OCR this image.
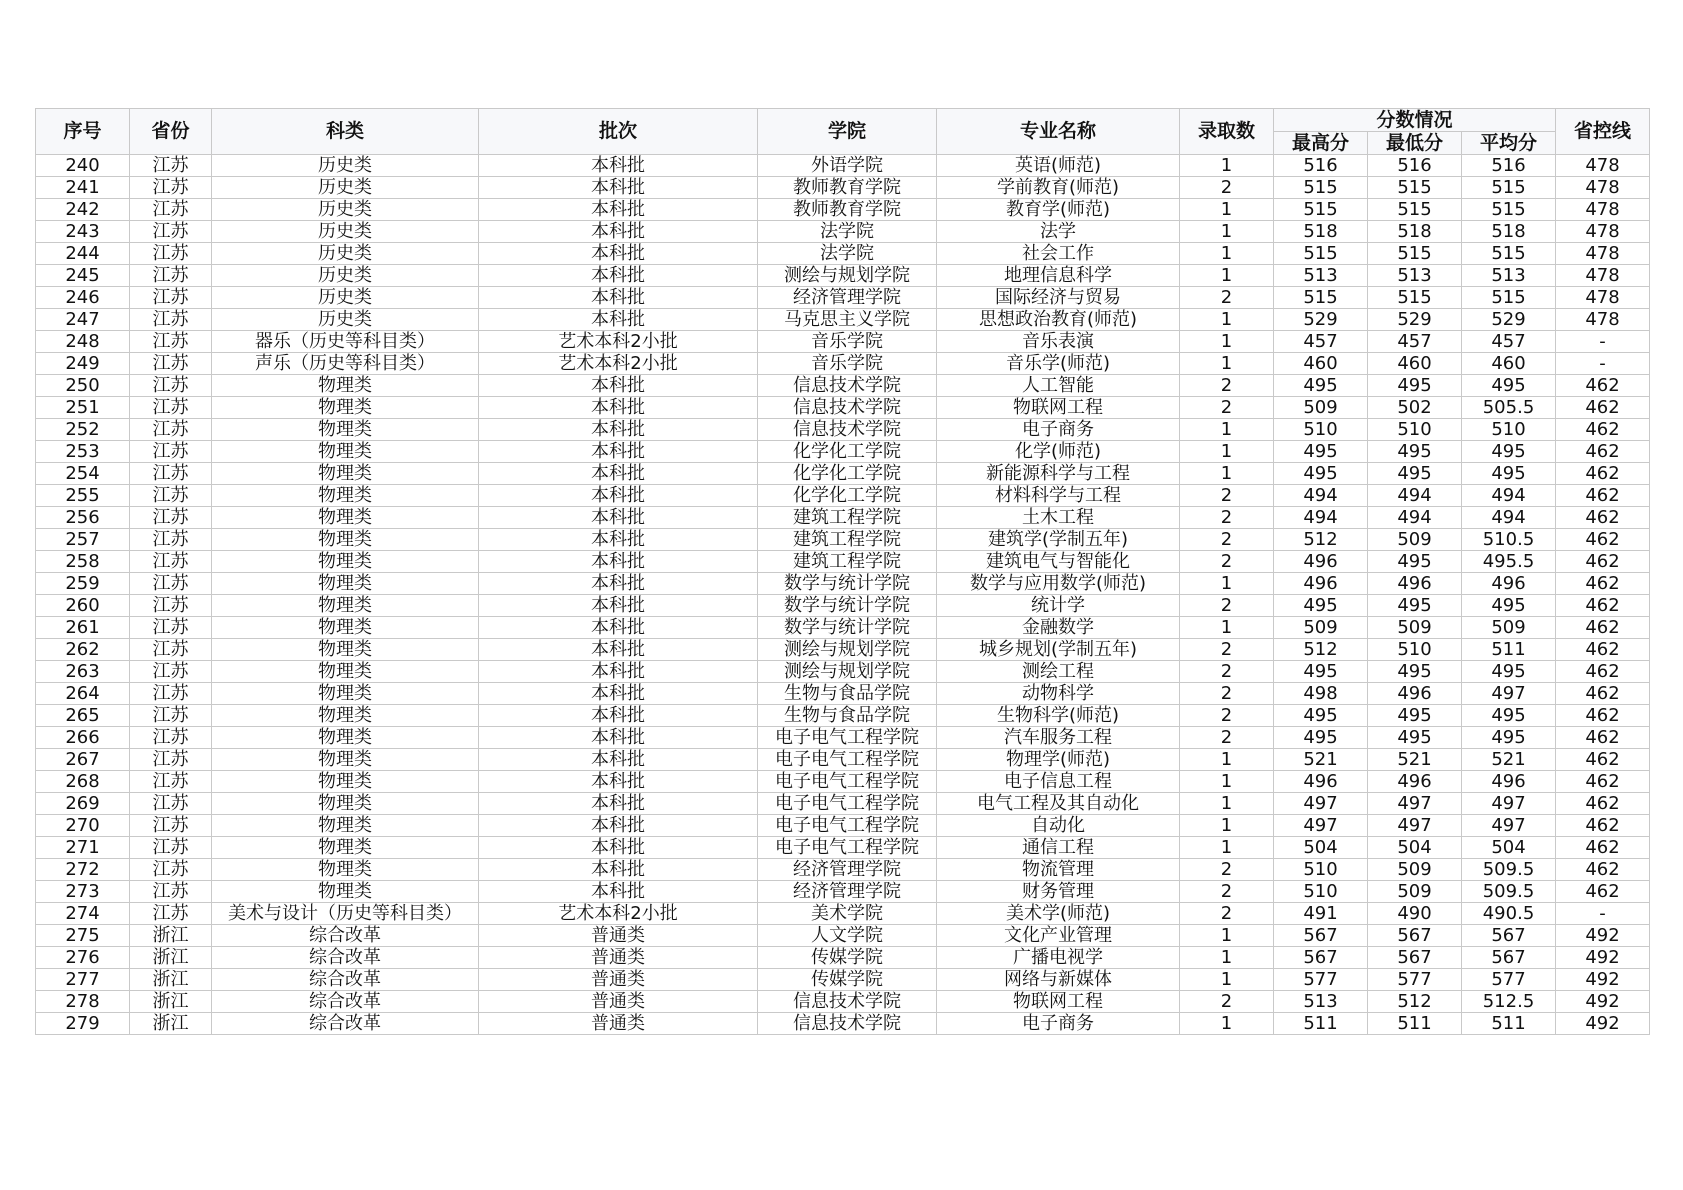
序号	省份	科类	批次	学院	专业名称	录取数	分数情况			省控线
							最高分	最低分	平均分	
240	江苏	历史类	本科批	外语学院	英语(师范)	1	516	516	516	478
241	江苏	历史类	本科批	教师教育学院	学前教育(师范)	2	515	515	515	478
242	江苏	历史类	本科批	教师教育学院	教育学(师范)	1	515	515	515	478
243	江苏	历史类	本科批	法学院	法学	1	518	518	518	478
244	江苏	历史类	本科批	法学院	社会工作	1	515	515	515	478
245	江苏	历史类	本科批	测绘与规划学院	地理信息科学	1	513	513	513	478
246	江苏	历史类	本科批	经济管理学院	国际经济与贸易	2	515	515	515	478
247	江苏	历史类	本科批	马克思主义学院	思想政治教育(师范)	1	529	529	529	478
248	江苏	器乐（历史等科目类）	艺术本科2小批	音乐学院	音乐表演	1	457	457	457	-
249	江苏	声乐（历史等科目类）	艺术本科2小批	音乐学院	音乐学(师范)	1	460	460	460	-
250	江苏	物理类	本科批	信息技术学院	人工智能	2	495	495	495	462
251	江苏	物理类	本科批	信息技术学院	物联网工程	2	509	502	505.5	462
252	江苏	物理类	本科批	信息技术学院	电子商务	1	510	510	510	462
253	江苏	物理类	本科批	化学化工学院	化学(师范)	1	495	495	495	462
254	江苏	物理类	本科批	化学化工学院	新能源科学与工程	1	495	495	495	462
255	江苏	物理类	本科批	化学化工学院	材料科学与工程	2	494	494	494	462
256	江苏	物理类	本科批	建筑工程学院	土木工程	2	494	494	494	462
257	江苏	物理类	本科批	建筑工程学院	建筑学(学制五年)	2	512	509	510.5	462
258	江苏	物理类	本科批	建筑工程学院	建筑电气与智能化	2	496	495	495.5	462
259	江苏	物理类	本科批	数学与统计学院	数学与应用数学(师范)	1	496	496	496	462
260	江苏	物理类	本科批	数学与统计学院	统计学	2	495	495	495	462
261	江苏	物理类	本科批	数学与统计学院	金融数学	1	509	509	509	462
262	江苏	物理类	本科批	测绘与规划学院	城乡规划(学制五年)	2	512	510	511	462
263	江苏	物理类	本科批	测绘与规划学院	测绘工程	2	495	495	495	462
264	江苏	物理类	本科批	生物与食品学院	动物科学	2	498	496	497	462
265	江苏	物理类	本科批	生物与食品学院	生物科学(师范)	2	495	495	495	462
266	江苏	物理类	本科批	电子电气工程学院	汽车服务工程	2	495	495	495	462
267	江苏	物理类	本科批	电子电气工程学院	物理学(师范)	1	521	521	521	462
268	江苏	物理类	本科批	电子电气工程学院	电子信息工程	1	496	496	496	462
269	江苏	物理类	本科批	电子电气工程学院	电气工程及其自动化	1	497	497	497	462
270	江苏	物理类	本科批	电子电气工程学院	自动化	1	497	497	497	462
271	江苏	物理类	本科批	电子电气工程学院	通信工程	1	504	504	504	462
272	江苏	物理类	本科批	经济管理学院	物流管理	2	510	509	509.5	462
273	江苏	物理类	本科批	经济管理学院	财务管理	2	510	509	509.5	462
274	江苏	美术与设计（历史等科目类）	艺术本科2小批	美术学院	美术学(师范)	2	491	490	490.5	-
275	浙江	综合改革	普通类	人文学院	文化产业管理	1	567	567	567	492
276	浙江	综合改革	普通类	传媒学院	广播电视学	1	567	567	567	492
277	浙江	综合改革	普通类	传媒学院	网络与新媒体	1	577	577	577	492
278	浙江	综合改革	普通类	信息技术学院	物联网工程	2	513	512	512.5	492
279	浙江	综合改革	普通类	信息技术学院	电子商务	1	511	511	511	492
